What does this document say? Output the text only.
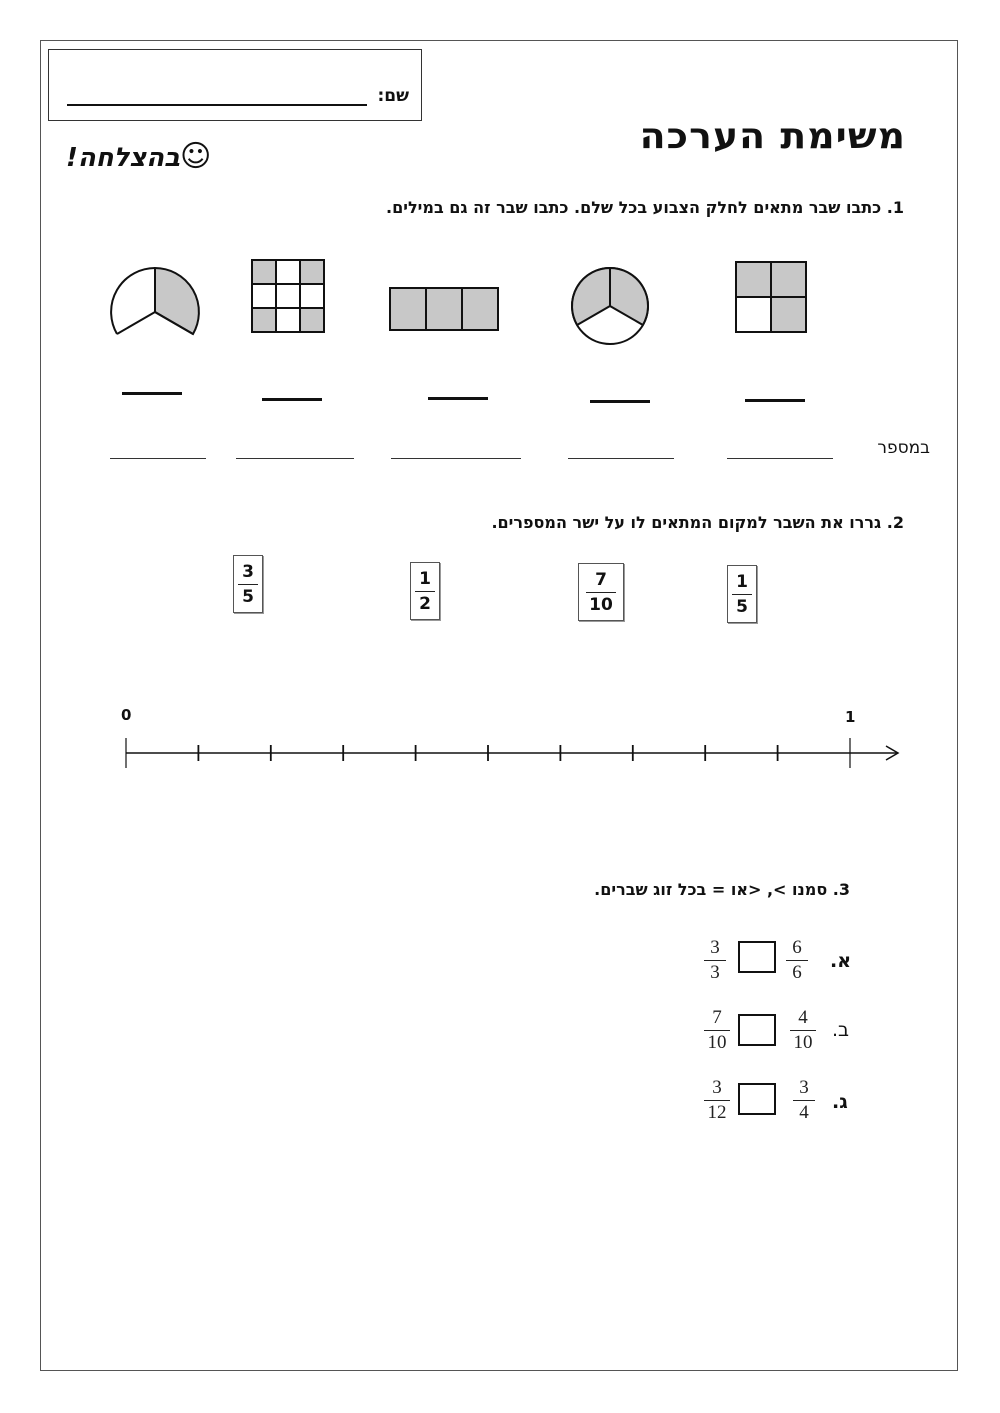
שם:
משימת הערכה
☺בהצלחה!
1. כתבו שבר מתאים לחלק הצבוע בכל שלם. כתבו שבר זה גם במילים.
במספר
2. גררו את השבר למקום המתאים לו על ישר המספרים.
1
5
7
10
1
2
3
5
0	1
3. סמנו >, <או = בכל זוג שברים.
א.
6
6
3
3
ב.
4
10
7
10
ג.
3
4
3
12
